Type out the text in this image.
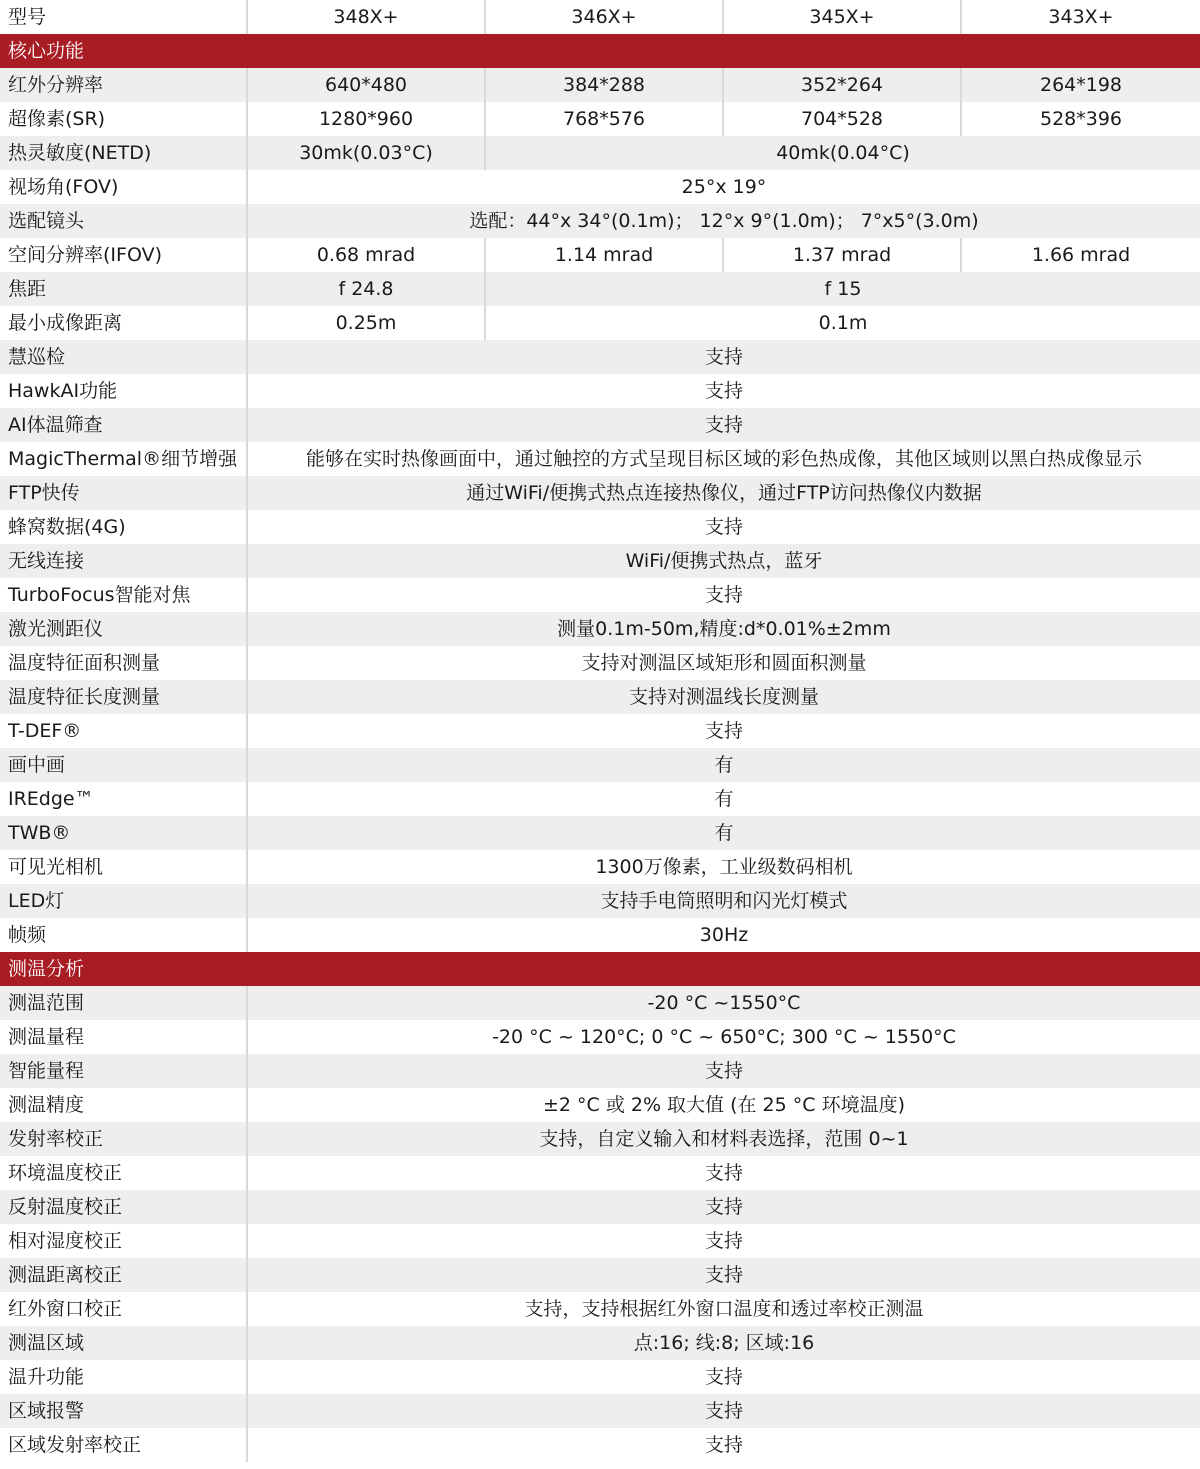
型号	348X+	346X+	345X+	343X+
核心功能				
红外分辨率	640*480	384*288	352*264	264*198
超像素(SR)	1280*960	768*576	704*528	528*396
热灵敏度(NETD)	30mk(0.03°C)	40mk(0.04°C)		
视场角(FOV)	25°x 19°			
选配镜头	选配：44°x 34°(0.1m)； 12°x 9°(1.0m)； 7°x5°(3.0m)			
空间分辨率(IFOV)	0.68 mrad	1.14 mrad	1.37 mrad	1.66 mrad
焦距	f 24.8	f 15		
最小成像距离	0.25m	0.1m		
慧巡检	支持			
HawkAI功能	支持			
AI体温筛查	支持			
MagicThermal®细节增强	能够在实时热像画面中，通过触控的方式呈现目标区域的彩色热成像，其他区域则以黑白热成像显示			
FTP快传	通过WiFi/便携式热点连接热像仪，通过FTP访问热像仪内数据			
蜂窝数据(4G)	支持			
无线连接	WiFi/便携式热点，蓝牙			
TurboFocus智能对焦	支持			
激光测距仪	测量0.1m-50m,精度:d*0.01%±2mm			
温度特征面积测量	支持对测温区域矩形和圆面积测量			
温度特征长度测量	支持对测温线长度测量			
T-DEF®	支持			
画中画	有			
IREdge™	有			
TWB®	有			
可见光相机	1300万像素，工业级数码相机			
LED灯	支持手电筒照明和闪光灯模式			
帧频	30Hz			
测温分析				
测温范围	-20 °C ~1550°C			
测温量程	-20 °C ~ 120°C; 0 °C ~ 650°C; 300 °C ~ 1550°C			
智能量程	支持			
测温精度	±2 °C 或 2% 取大值 (在 25 °C 环境温度)			
发射率校正	支持，自定义输入和材料表选择，范围 0~1			
环境温度校正	支持			
反射温度校正	支持			
相对湿度校正	支持			
测温距离校正	支持			
红外窗口校正	支持，支持根据红外窗口温度和透过率校正测温			
测温区域	点:16; 线:8; 区域:16			
温升功能	支持			
区域报警	支持			
区域发射率校正	支持			
